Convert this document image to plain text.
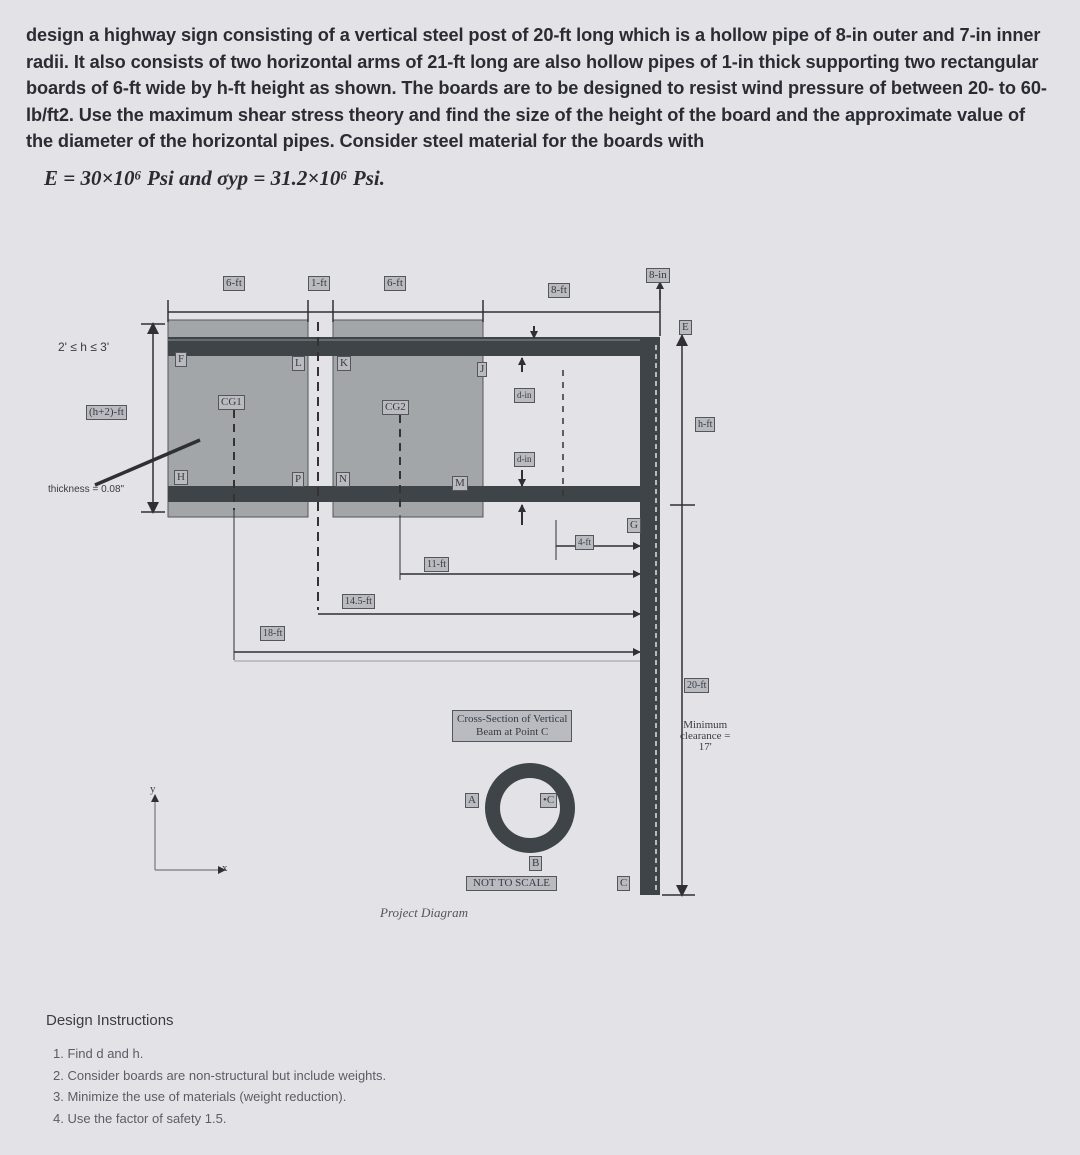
design a highway sign consisting of a vertical steel post of 20-ft long which is a hollow pipe of 8-in outer and 7-in inner radii. It also consists of two horizontal arms of 21-ft long are also hollow pipes of 1-in thick supporting two rectangular boards of 6-ft wide by h-ft height as shown. The boards are to be designed to resist wind pressure of between 20- to 60-lb/ft2. Use the maximum shear stress theory and find the size of the height of the board and the approximate value of the diameter of the horizontal pipes. Consider steel material for the boards with

E = 30×10⁶ Psi and σyp = 31.2×10⁶ Psi.
6-ft	1-ft	6-ft
8-ft
8-in
2' ≤ h ≤ 3'
(h+2)-ft
thickness = 0.08"
F	L	K	J
H	P	N	M
E
G
CG1	CG2
d-in
d-in
h-ft
4-ft
11-ft
14.5-ft
18-ft
20-ft
Minimum
clearance =
17'
y
x
Cross-Section of Vertical
Beam at Point C
A	•C
B
NOT TO SCALE	C
Project Diagram
Design Instructions
1. Find d and h.
2. Consider boards are non-structural but include weights.
3. Minimize the use of materials (weight reduction).
4. Use the factor of safety 1.5.
